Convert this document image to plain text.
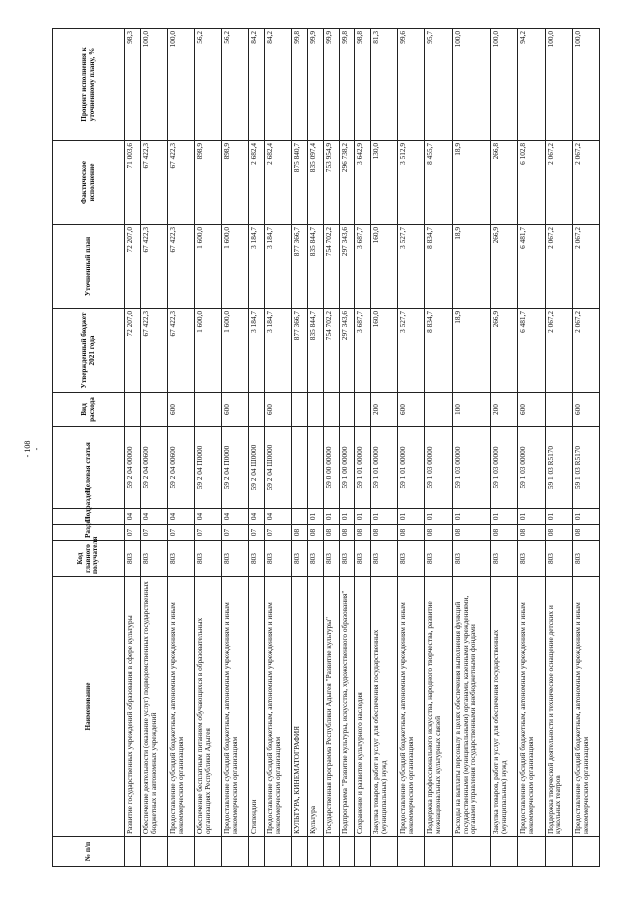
- 108 -
№ п/п	Наименование	Код главного получателя	Раздел	Подраздел	Целевая статья	Вид расхода	Утвержденный бюджет 2021 года	Уточненный план	Фактическое исполнение	Процент исполнения к уточненному плану, %
	Развитие государственных учреждений образования в сфере культуры	803	07	04	59 2 04 00000		72 207,0	72 207,0	71 003,6	98,3
	Обеспечение деятельности (оказание услуг) подведомственных государственных бюджетных и автономных учреждений	803	07	04	59 2 04 00600		67 422,3	67 422,3	67 422,3	100,0
	Предоставление субсидий бюджетным, автономным учреждениям и иным некоммерческим организациям	803	07	04	59 2 04 00600	600	67 422,3	67 422,3	67 422,3	100,0
	Обеспечение бесплатным питанием обучающихся в образовательных организациях Республики Адыгея	803	07	04	59 2 04 П0000		1 600,0	1 600,0	898,9	56,2
	Предоставление субсидий бюджетным, автономным учреждениям и иным некоммерческим организациям	803	07	04	59 2 04 П0000	600	1 600,0	1 600,0	898,9	56,2
	Стипендии	803	07	04	59 2 04 Ш0000		3 184,7	3 184,7	2 682,4	84,2
	Предоставление субсидий бюджетным, автономным учреждениям и иным некоммерческим организациям	803	07	04	59 2 04 Ш0000	600	3 184,7	3 184,7	2 682,4	84,2
	КУЛЬТУРА, КИНЕМАТОГРАФИЯ	803	08				877 366,7	877 366,7	875 840,7	99,8
	Культура	803	08	01			835 844,7	835 844,7	835 097,4	99,9
	Государственная программа Республики Адыгея "Развитие культуры"	803	08	01	59 0 00 00000		754 702,2	754 702,2	753 954,9	99,9
	Подпрограмма "Развитие культуры, искусства, художественного образования"	803	08	01	59 1 00 00000		297 343,6	297 343,6	296 738,2	99,8
	Сохранение и развитие культурного наследия	803	08	01	59 1 01 00000		3 687,7	3 687,7	3 642,9	98,8
	Закупка товаров, работ и услуг для обеспечения государственных (муниципальных) нужд	803	08	01	59 1 01 00000	200	160,0	160,0	130,0	81,3
	Предоставление субсидий бюджетным, автономным учреждениям и иным некоммерческим организациям	803	08	01	59 1 01 00000	600	3 527,7	3 527,7	3 512,9	99,6
	Поддержка профессионального искусства, народного творчества, развитие межнациональных культурных связей	803	08	01	59 1 03 00000		8 834,7	8 834,7	8 455,7	95,7
	Расходы на выплаты персоналу в целях обеспечения выполнения функций государственными (муниципальными) органами, казенными учреждениями, органами управления государственными внебюджетными фондами	803	08	01	59 1 03 00000	100	18,9	18,9	18,9	100,0
	Закупка товаров, работ и услуг для обеспечения государственных (муниципальных) нужд	803	08	01	59 1 03 00000	200	266,9	266,9	266,8	100,0
	Предоставление субсидий бюджетным, автономным учреждениям и иным некоммерческим организациям	803	08	01	59 1 03 00000	600	6 481,7	6 481,7	6 102,8	94,2
	Поддержка творческой деятельности и техническое оснащение детских и кукольных театров	803	08	01	59 1 03 R5170		2 067,2	2 067,2	2 067,2	100,0
	Предоставление субсидий бюджетным, автономным учреждениям и иным некоммерческим организациям	803	08	01	59 1 03 R5170	600	2 067,2	2 067,2	2 067,2	100,0
